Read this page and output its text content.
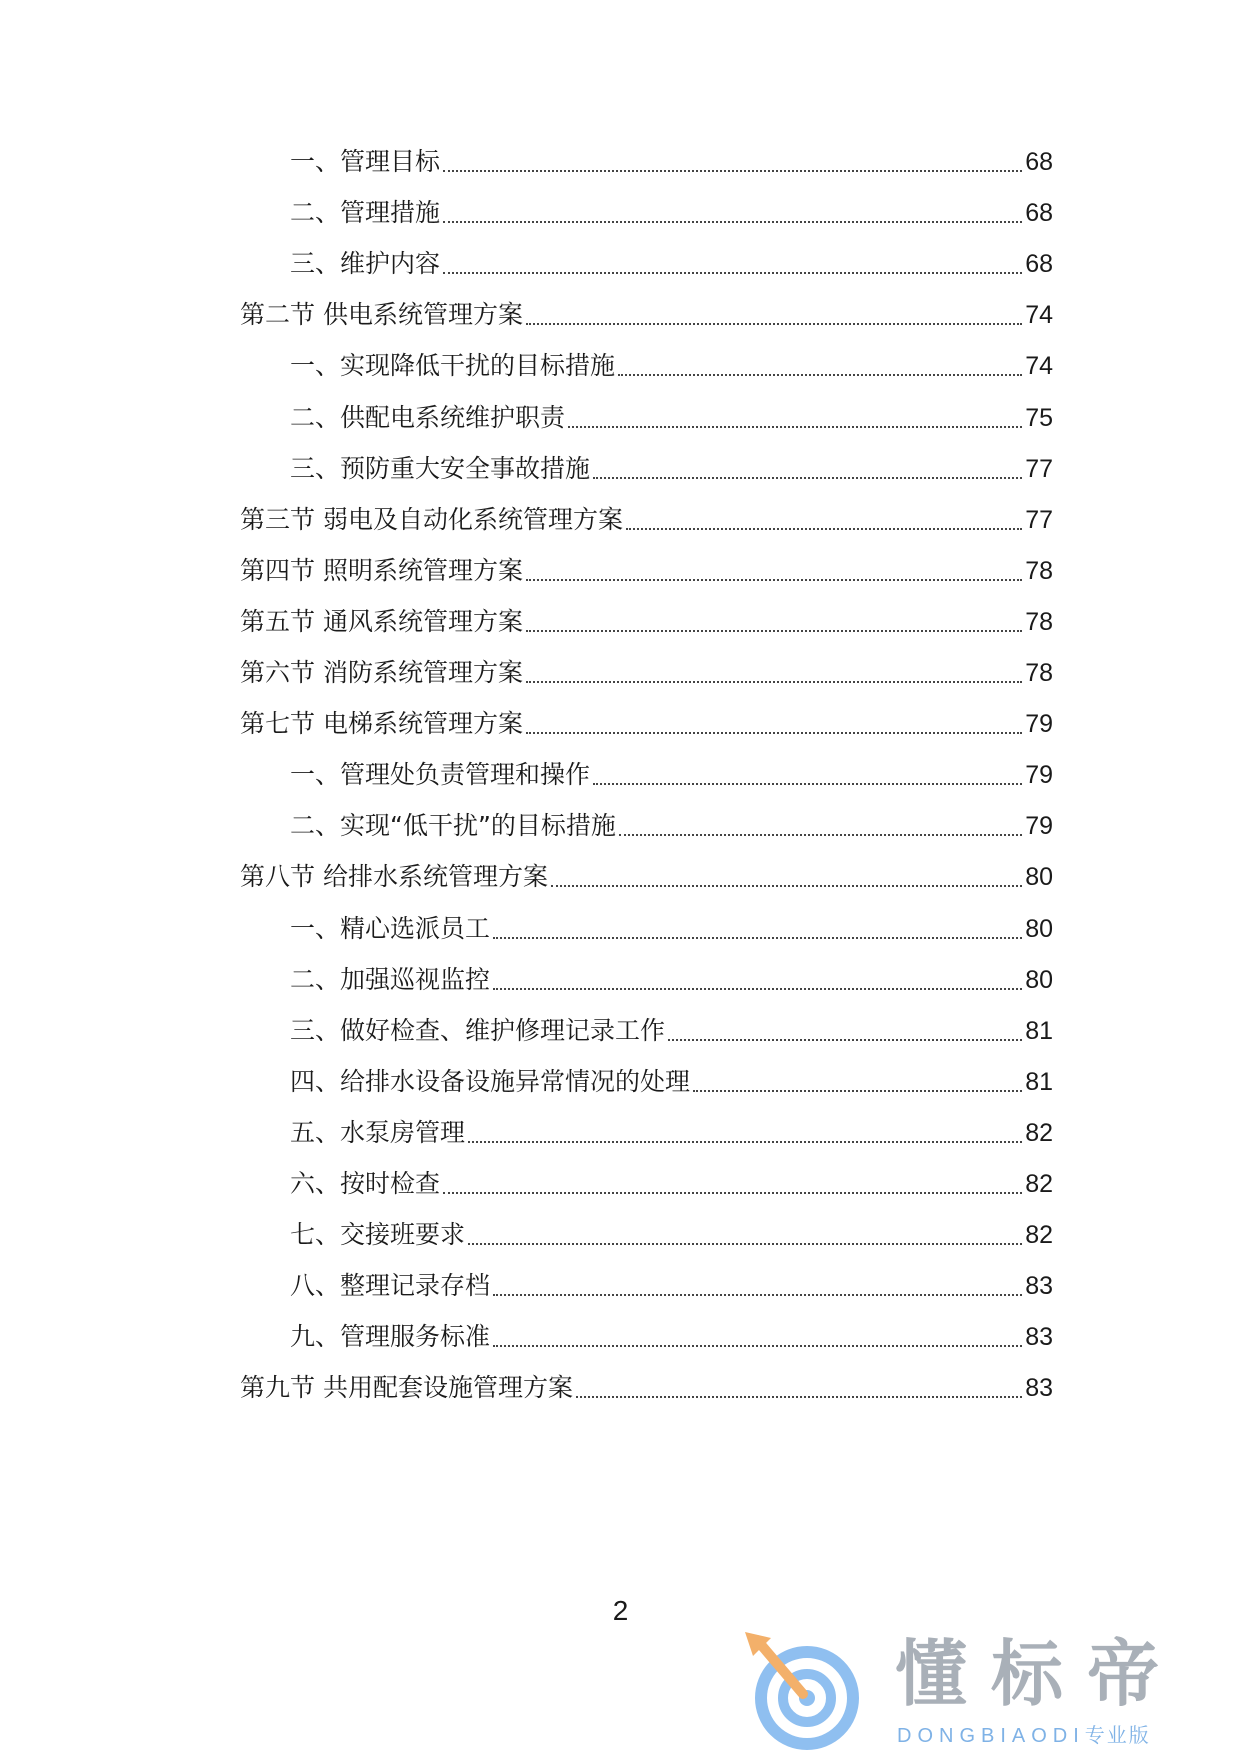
一、管理目标	68
二、管理措施	68
三、维护内容	68
第二节 供电系统管理方案	74
一、实现降低干扰的目标措施	74
二、供配电系统维护职责	75
三、预防重大安全事故措施	77
第三节 弱电及自动化系统管理方案	77
第四节 照明系统管理方案	78
第五节 通风系统管理方案	78
第六节 消防系统管理方案	78
第七节 电梯系统管理方案	79
一、管理处负责管理和操作	79
二、实现“低干扰”的目标措施	79
第八节 给排水系统管理方案	80
一、精心选派员工	80
二、加强巡视监控	80
三、做好检查、维护修理记录工作	81
四、给排水设备设施异常情况的处理	81
五、水泵房管理	82
六、按时检查	82
七、交接班要求	82
八、整理记录存档	83
九、管理服务标准	83
第九节 共用配套设施管理方案	83
2
懂标帝
DONGBIAODI专业版
